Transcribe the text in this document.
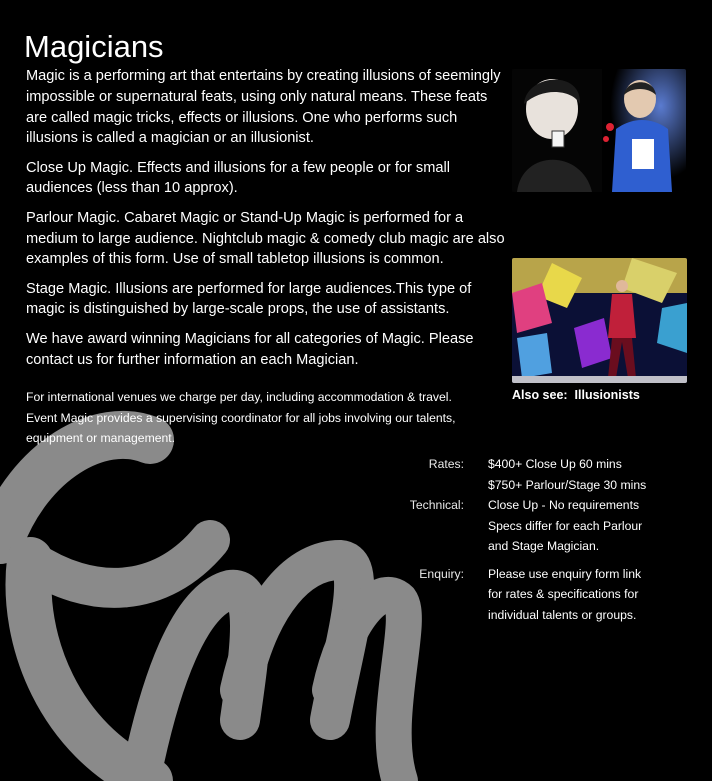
Magicians

Magic is a performing art that entertains by creating illusions of seemingly impossible or supernatural feats, using only natural means. These feats are called magic tricks, effects or illusions. One who performs such illusions is called a magician or an illusionist.

Close Up Magic. Effects and illusions for a few people or for small audiences (less than 10 approx).

Parlour Magic. Cabaret Magic or Stand-Up Magic is performed for a medium to large audience. Nightclub magic & comedy club magic are also examples of this form. Use of small tabletop illusions is common.

Stage Magic. Illusions are performed for large audiences.This type of magic is distinguished by large-scale props, the use of assistants.

We have award winning Magicians for all categories of Magic. Please contact us for further information an each Magician.

For international venues we charge per day, including accommodation & travel.

Event Magic provides a supervising coordinator for all jobs involving our talents, equipment or management.

Also see:  Illusionists
Rates:	$400+ Close Up 60 mins
$750+ Parlour/Stage 30 mins
Technical:	Close Up - No requirements
Specs differ for each Parlour
and Stage Magician.
Enquiry:	Please use enquiry form link
for rates & specifications for
individual talents or groups.
